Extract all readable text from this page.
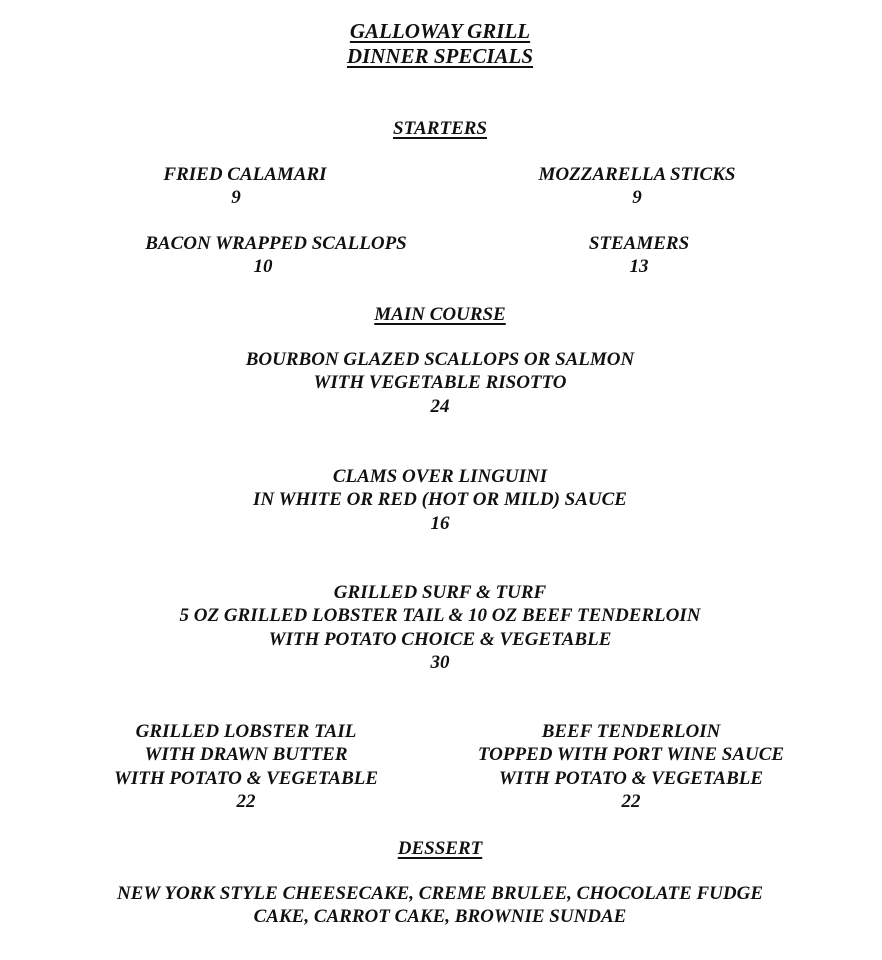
GALLOWAY GRILL
DINNER SPECIALS
STARTERS
FRIED CALAMARI
9
MOZZARELLA STICKS
9
BACON WRAPPED SCALLOPS
10
STEAMERS
13
MAIN COURSE
BOURBON GLAZED SCALLOPS OR SALMON
WITH VEGETABLE RISOTTO
24
CLAMS OVER LINGUINI
IN WHITE OR RED (HOT OR MILD) SAUCE
16
GRILLED SURF & TURF
5 OZ GRILLED LOBSTER TAIL & 10 OZ BEEF TENDERLOIN
WITH POTATO CHOICE & VEGETABLE
30
GRILLED LOBSTER TAIL
WITH DRAWN BUTTER
WITH POTATO & VEGETABLE
22
BEEF TENDERLOIN
TOPPED WITH PORT WINE SAUCE
WITH POTATO & VEGETABLE
22
DESSERT
NEW YORK STYLE CHEESECAKE, CREME BRULEE, CHOCOLATE FUDGE
CAKE, CARROT CAKE, BROWNIE SUNDAE
